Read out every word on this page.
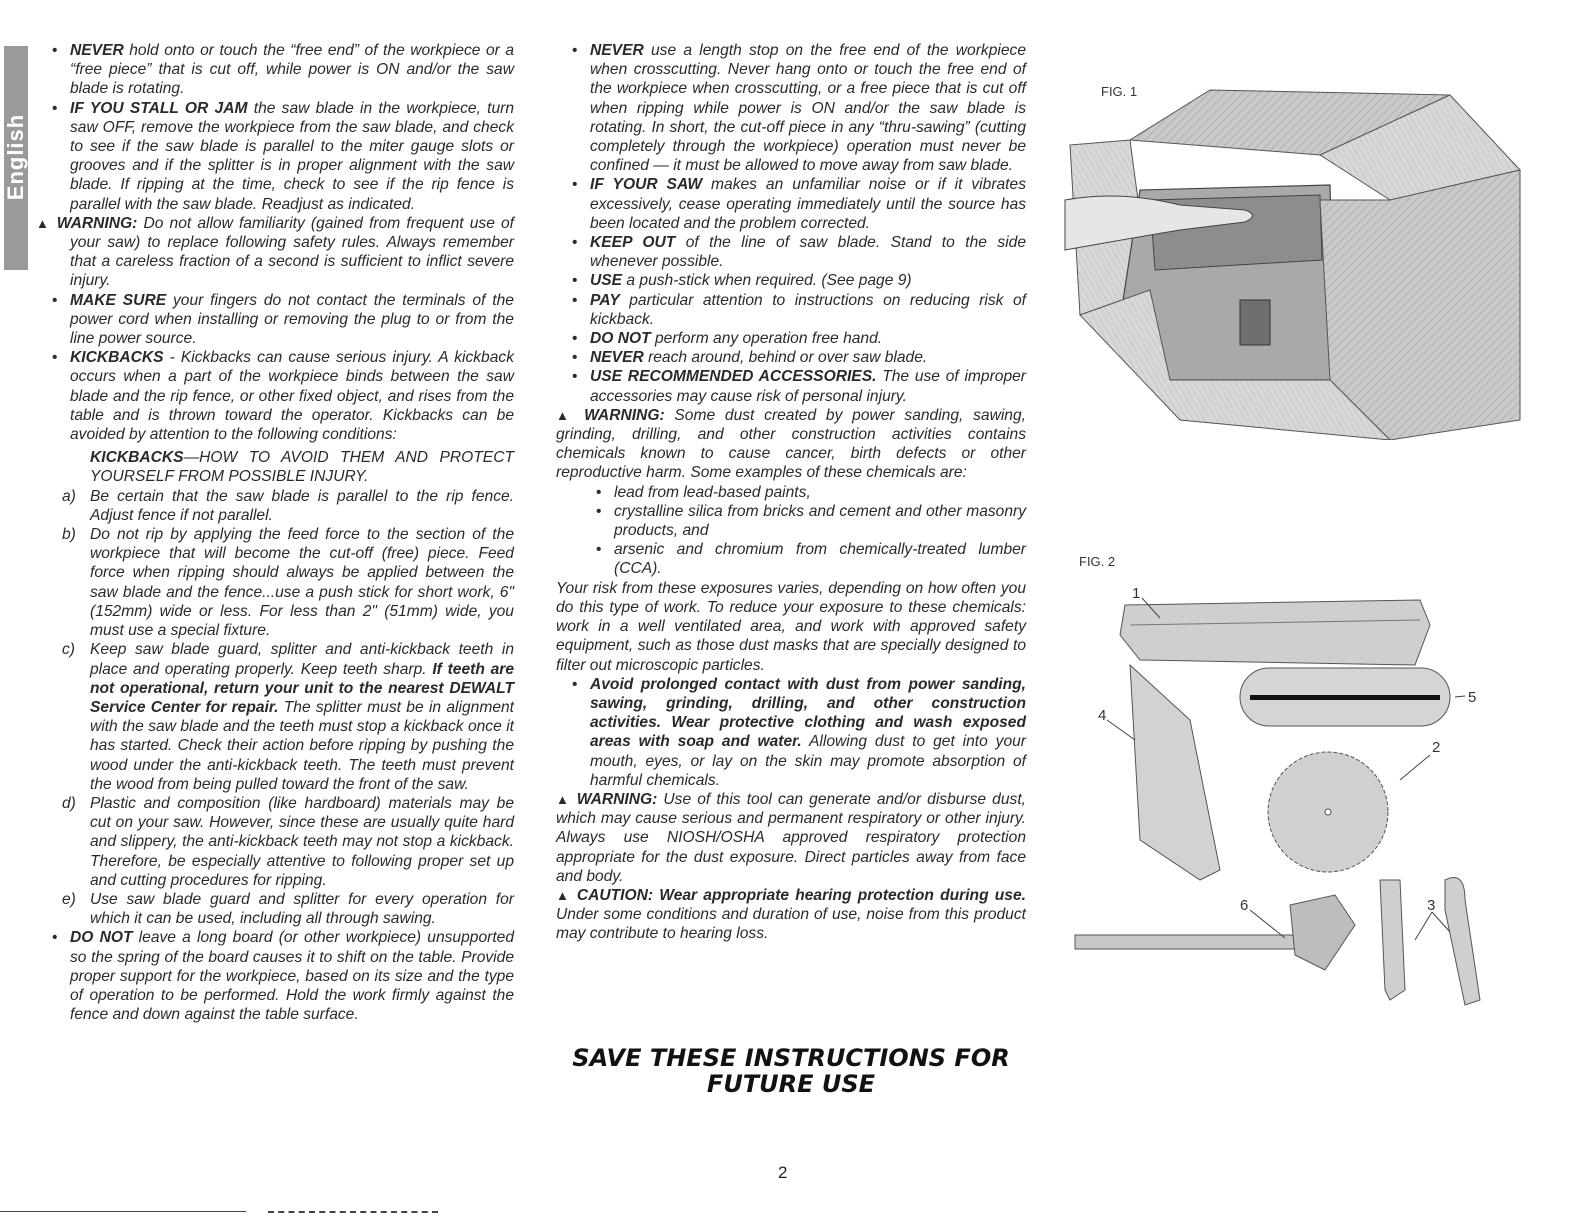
English

• NEVER hold onto or touch the “free end” of the workpiece or a “free piece” that is cut off, while power is ON and/or the saw blade is rotating.

• IF YOU STALL OR JAM the saw blade in the workpiece, turn saw OFF, remove the workpiece from the saw blade, and check to see if the saw blade is parallel to the miter gauge slots or grooves and if the splitter is in proper alignment with the saw blade. If ripping at the time, check to see if the rip fence is parallel with the saw blade. Readjust as indicated.

▲ WARNING: Do not allow familiarity (gained from frequent use of your saw) to replace following safety rules. Always remember that a careless fraction of a second is sufficient to inflict severe injury.

• MAKE SURE your fingers do not contact the terminals of the power cord when installing or removing the plug to or from the line power source.

• KICKBACKS - Kickbacks can cause serious injury. A kickback occurs when a part of the workpiece binds between the saw blade and the rip fence, or other fixed object, and rises from the table and is thrown toward the operator. Kickbacks can be avoided by attention to the following conditions:

KICKBACKS—HOW TO AVOID THEM AND PROTECT YOURSELF FROM POSSIBLE INJURY.

a) Be certain that the saw blade is parallel to the rip fence. Adjust fence if not parallel.

b) Do not rip by applying the feed force to the section of the workpiece that will become the cut-off (free) piece. Feed force when ripping should always be applied between the saw blade and the fence...use a push stick for short work, 6" (152mm) wide or less. For less than 2" (51mm) wide, you must use a special fixture.

c) Keep saw blade guard, splitter and anti-kickback teeth in place and operating properly. Keep teeth sharp. If teeth are not operational, return your unit to the nearest DEWALT Service Center for repair. The splitter must be in alignment with the saw blade and the teeth must stop a kickback once it has started. Check their action before ripping by pushing the wood under the anti-kickback teeth. The teeth must prevent the wood from being pulled toward the front of the saw.

d) Plastic and composition (like hardboard) materials may be cut on your saw. However, since these are usually quite hard and slippery, the anti-kickback teeth may not stop a kickback. Therefore, be especially attentive to following proper set up and cutting procedures for ripping.

e) Use saw blade guard and splitter for every operation for which it can be used, including all through sawing.

• DO NOT leave a long board (or other workpiece) unsupported so the spring of the board causes it to shift on the table. Provide proper support for the workpiece, based on its size and the type of operation to be performed. Hold the work firmly against the fence and down against the table surface.

• NEVER use a length stop on the free end of the workpiece when crosscutting. Never hang onto or touch the free end of the workpiece when crosscutting, or a free piece that is cut off when ripping while power is ON and/or the saw blade is rotating. In short, the cut-off piece in any “thru-sawing” (cutting completely through the workpiece) operation must never be confined — it must be allowed to move away from saw blade.

• IF YOUR SAW makes an unfamiliar noise or if it vibrates excessively, cease operating immediately until the source has been located and the problem corrected.

• KEEP OUT of the line of saw blade. Stand to the side whenever possible.

• USE a push-stick when required. (See page 9)

• PAY particular attention to instructions on reducing risk of kickback.

• DO NOT perform any operation free hand.

• NEVER reach around, behind or over saw blade.

• USE RECOMMENDED ACCESSORIES. The use of improper accessories may cause risk of personal injury.

▲ WARNING: Some dust created by power sanding, sawing, grinding, drilling, and other construction activities contains chemicals known to cause cancer, birth defects or other reproductive harm. Some examples of these chemicals are:

• lead from lead-based paints,

• crystalline silica from bricks and cement and other masonry products, and

• arsenic and chromium from chemically-treated lumber (CCA).

Your risk from these exposures varies, depending on how often you do this type of work. To reduce your exposure to these chemicals: work in a well ventilated area, and work with approved safety equipment, such as those dust masks that are specially designed to filter out microscopic particles.

• Avoid prolonged contact with dust from power sanding, sawing, grinding, drilling, and other construction activities. Wear protective clothing and wash exposed areas with soap and water. Allowing dust to get into your mouth, eyes, or lay on the skin may promote absorption of harmful chemicals.

▲ WARNING: Use of this tool can generate and/or disburse dust, which may cause serious and permanent respiratory or other injury. Always use NIOSH/OSHA approved respiratory protection appropriate for the dust exposure. Direct particles away from face and body.

▲ CAUTION: Wear appropriate hearing protection during use. Under some conditions and duration of use, noise from this product may contribute to hearing loss.

SAVE THESE INSTRUCTIONS FOR
FUTURE USE
FIG. 1
FIG. 2
1
2
3
4
5
6
2
